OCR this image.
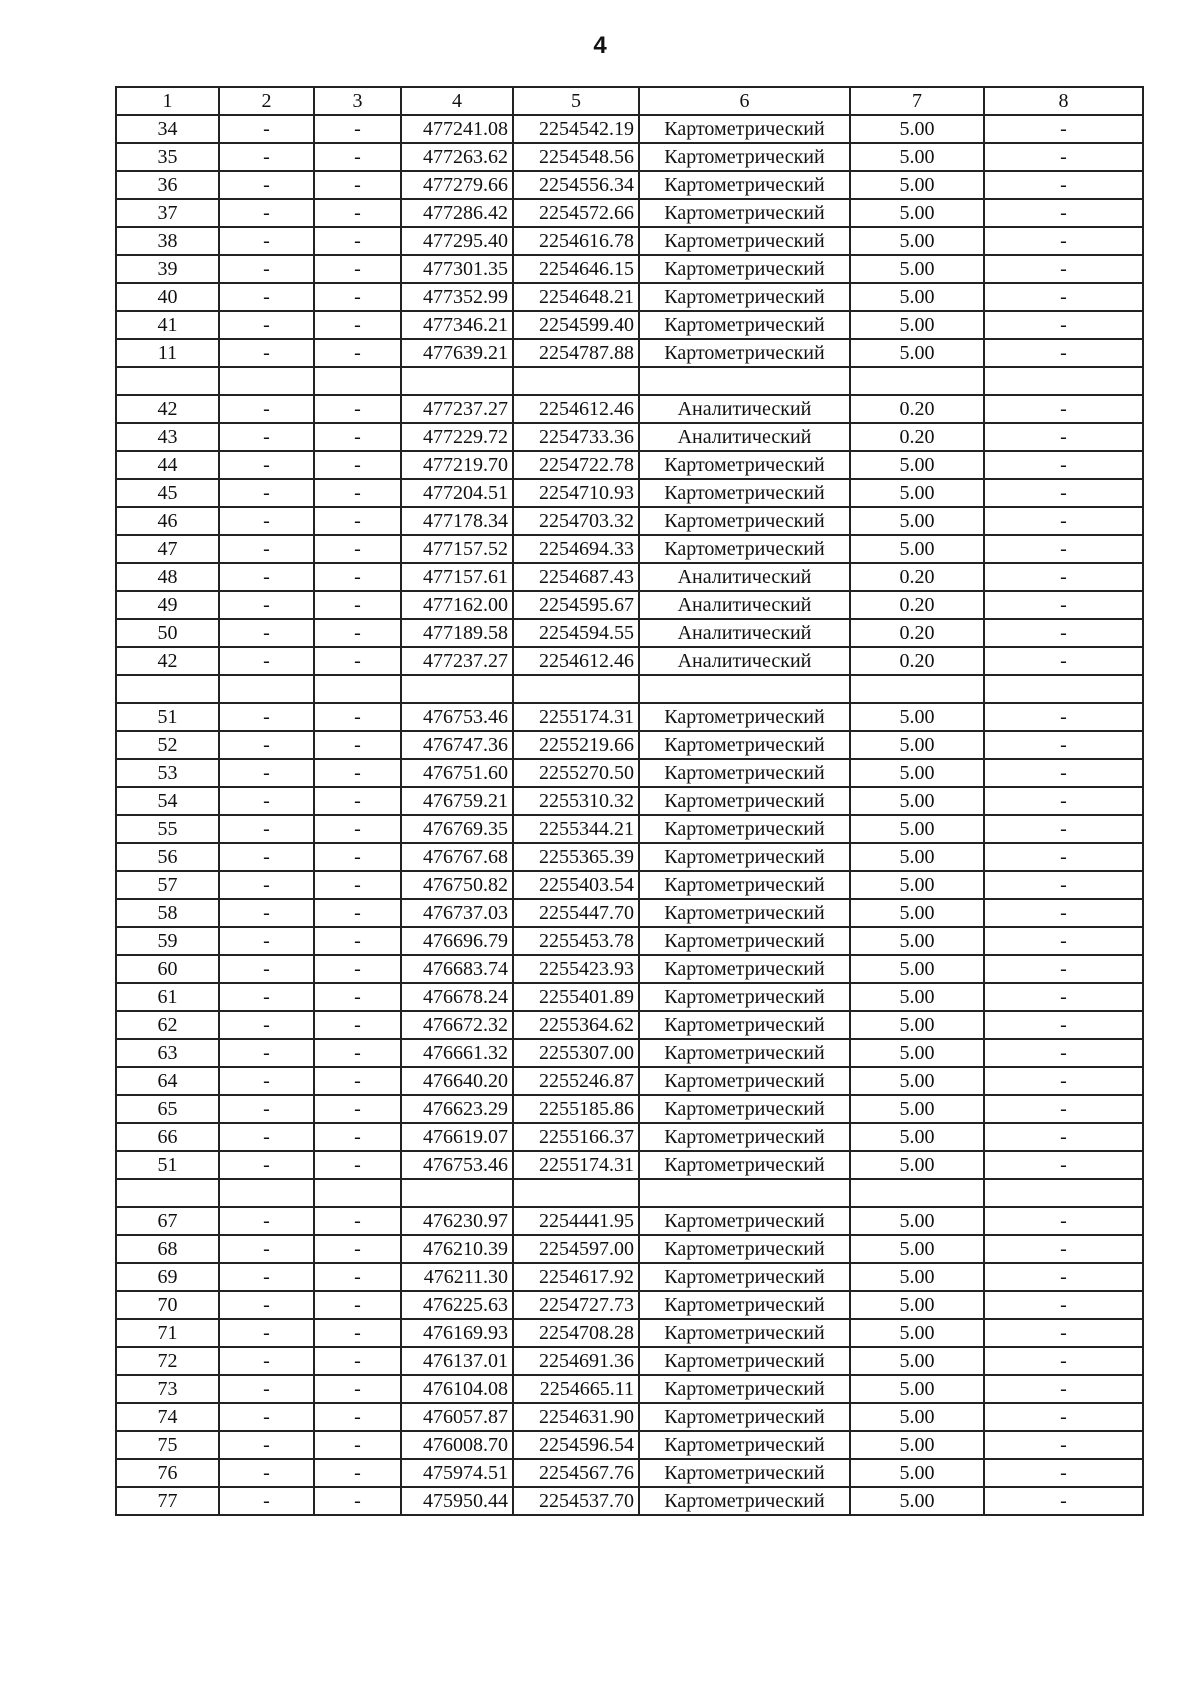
4
1	2	3	4	5	6	7	8
34	-	-	477241.08	2254542.19	Картометрический	5.00	-
35	-	-	477263.62	2254548.56	Картометрический	5.00	-
36	-	-	477279.66	2254556.34	Картометрический	5.00	-
37	-	-	477286.42	2254572.66	Картометрический	5.00	-
38	-	-	477295.40	2254616.78	Картометрический	5.00	-
39	-	-	477301.35	2254646.15	Картометрический	5.00	-
40	-	-	477352.99	2254648.21	Картометрический	5.00	-
41	-	-	477346.21	2254599.40	Картометрический	5.00	-
11	-	-	477639.21	2254787.88	Картометрический	5.00	-

42	-	-	477237.27	2254612.46	Аналитический	0.20	-
43	-	-	477229.72	2254733.36	Аналитический	0.20	-
44	-	-	477219.70	2254722.78	Картометрический	5.00	-
45	-	-	477204.51	2254710.93	Картометрический	5.00	-
46	-	-	477178.34	2254703.32	Картометрический	5.00	-
47	-	-	477157.52	2254694.33	Картометрический	5.00	-
48	-	-	477157.61	2254687.43	Аналитический	0.20	-
49	-	-	477162.00	2254595.67	Аналитический	0.20	-
50	-	-	477189.58	2254594.55	Аналитический	0.20	-
42	-	-	477237.27	2254612.46	Аналитический	0.20	-

51	-	-	476753.46	2255174.31	Картометрический	5.00	-
52	-	-	476747.36	2255219.66	Картометрический	5.00	-
53	-	-	476751.60	2255270.50	Картометрический	5.00	-
54	-	-	476759.21	2255310.32	Картометрический	5.00	-
55	-	-	476769.35	2255344.21	Картометрический	5.00	-
56	-	-	476767.68	2255365.39	Картометрический	5.00	-
57	-	-	476750.82	2255403.54	Картометрический	5.00	-
58	-	-	476737.03	2255447.70	Картометрический	5.00	-
59	-	-	476696.79	2255453.78	Картометрический	5.00	-
60	-	-	476683.74	2255423.93	Картометрический	5.00	-
61	-	-	476678.24	2255401.89	Картометрический	5.00	-
62	-	-	476672.32	2255364.62	Картометрический	5.00	-
63	-	-	476661.32	2255307.00	Картометрический	5.00	-
64	-	-	476640.20	2255246.87	Картометрический	5.00	-
65	-	-	476623.29	2255185.86	Картометрический	5.00	-
66	-	-	476619.07	2255166.37	Картометрический	5.00	-
51	-	-	476753.46	2255174.31	Картометрический	5.00	-

67	-	-	476230.97	2254441.95	Картометрический	5.00	-
68	-	-	476210.39	2254597.00	Картометрический	5.00	-
69	-	-	476211.30	2254617.92	Картометрический	5.00	-
70	-	-	476225.63	2254727.73	Картометрический	5.00	-
71	-	-	476169.93	2254708.28	Картометрический	5.00	-
72	-	-	476137.01	2254691.36	Картометрический	5.00	-
73	-	-	476104.08	2254665.11	Картометрический	5.00	-
74	-	-	476057.87	2254631.90	Картометрический	5.00	-
75	-	-	476008.70	2254596.54	Картометрический	5.00	-
76	-	-	475974.51	2254567.76	Картометрический	5.00	-
77	-	-	475950.44	2254537.70	Картометрический	5.00	-
